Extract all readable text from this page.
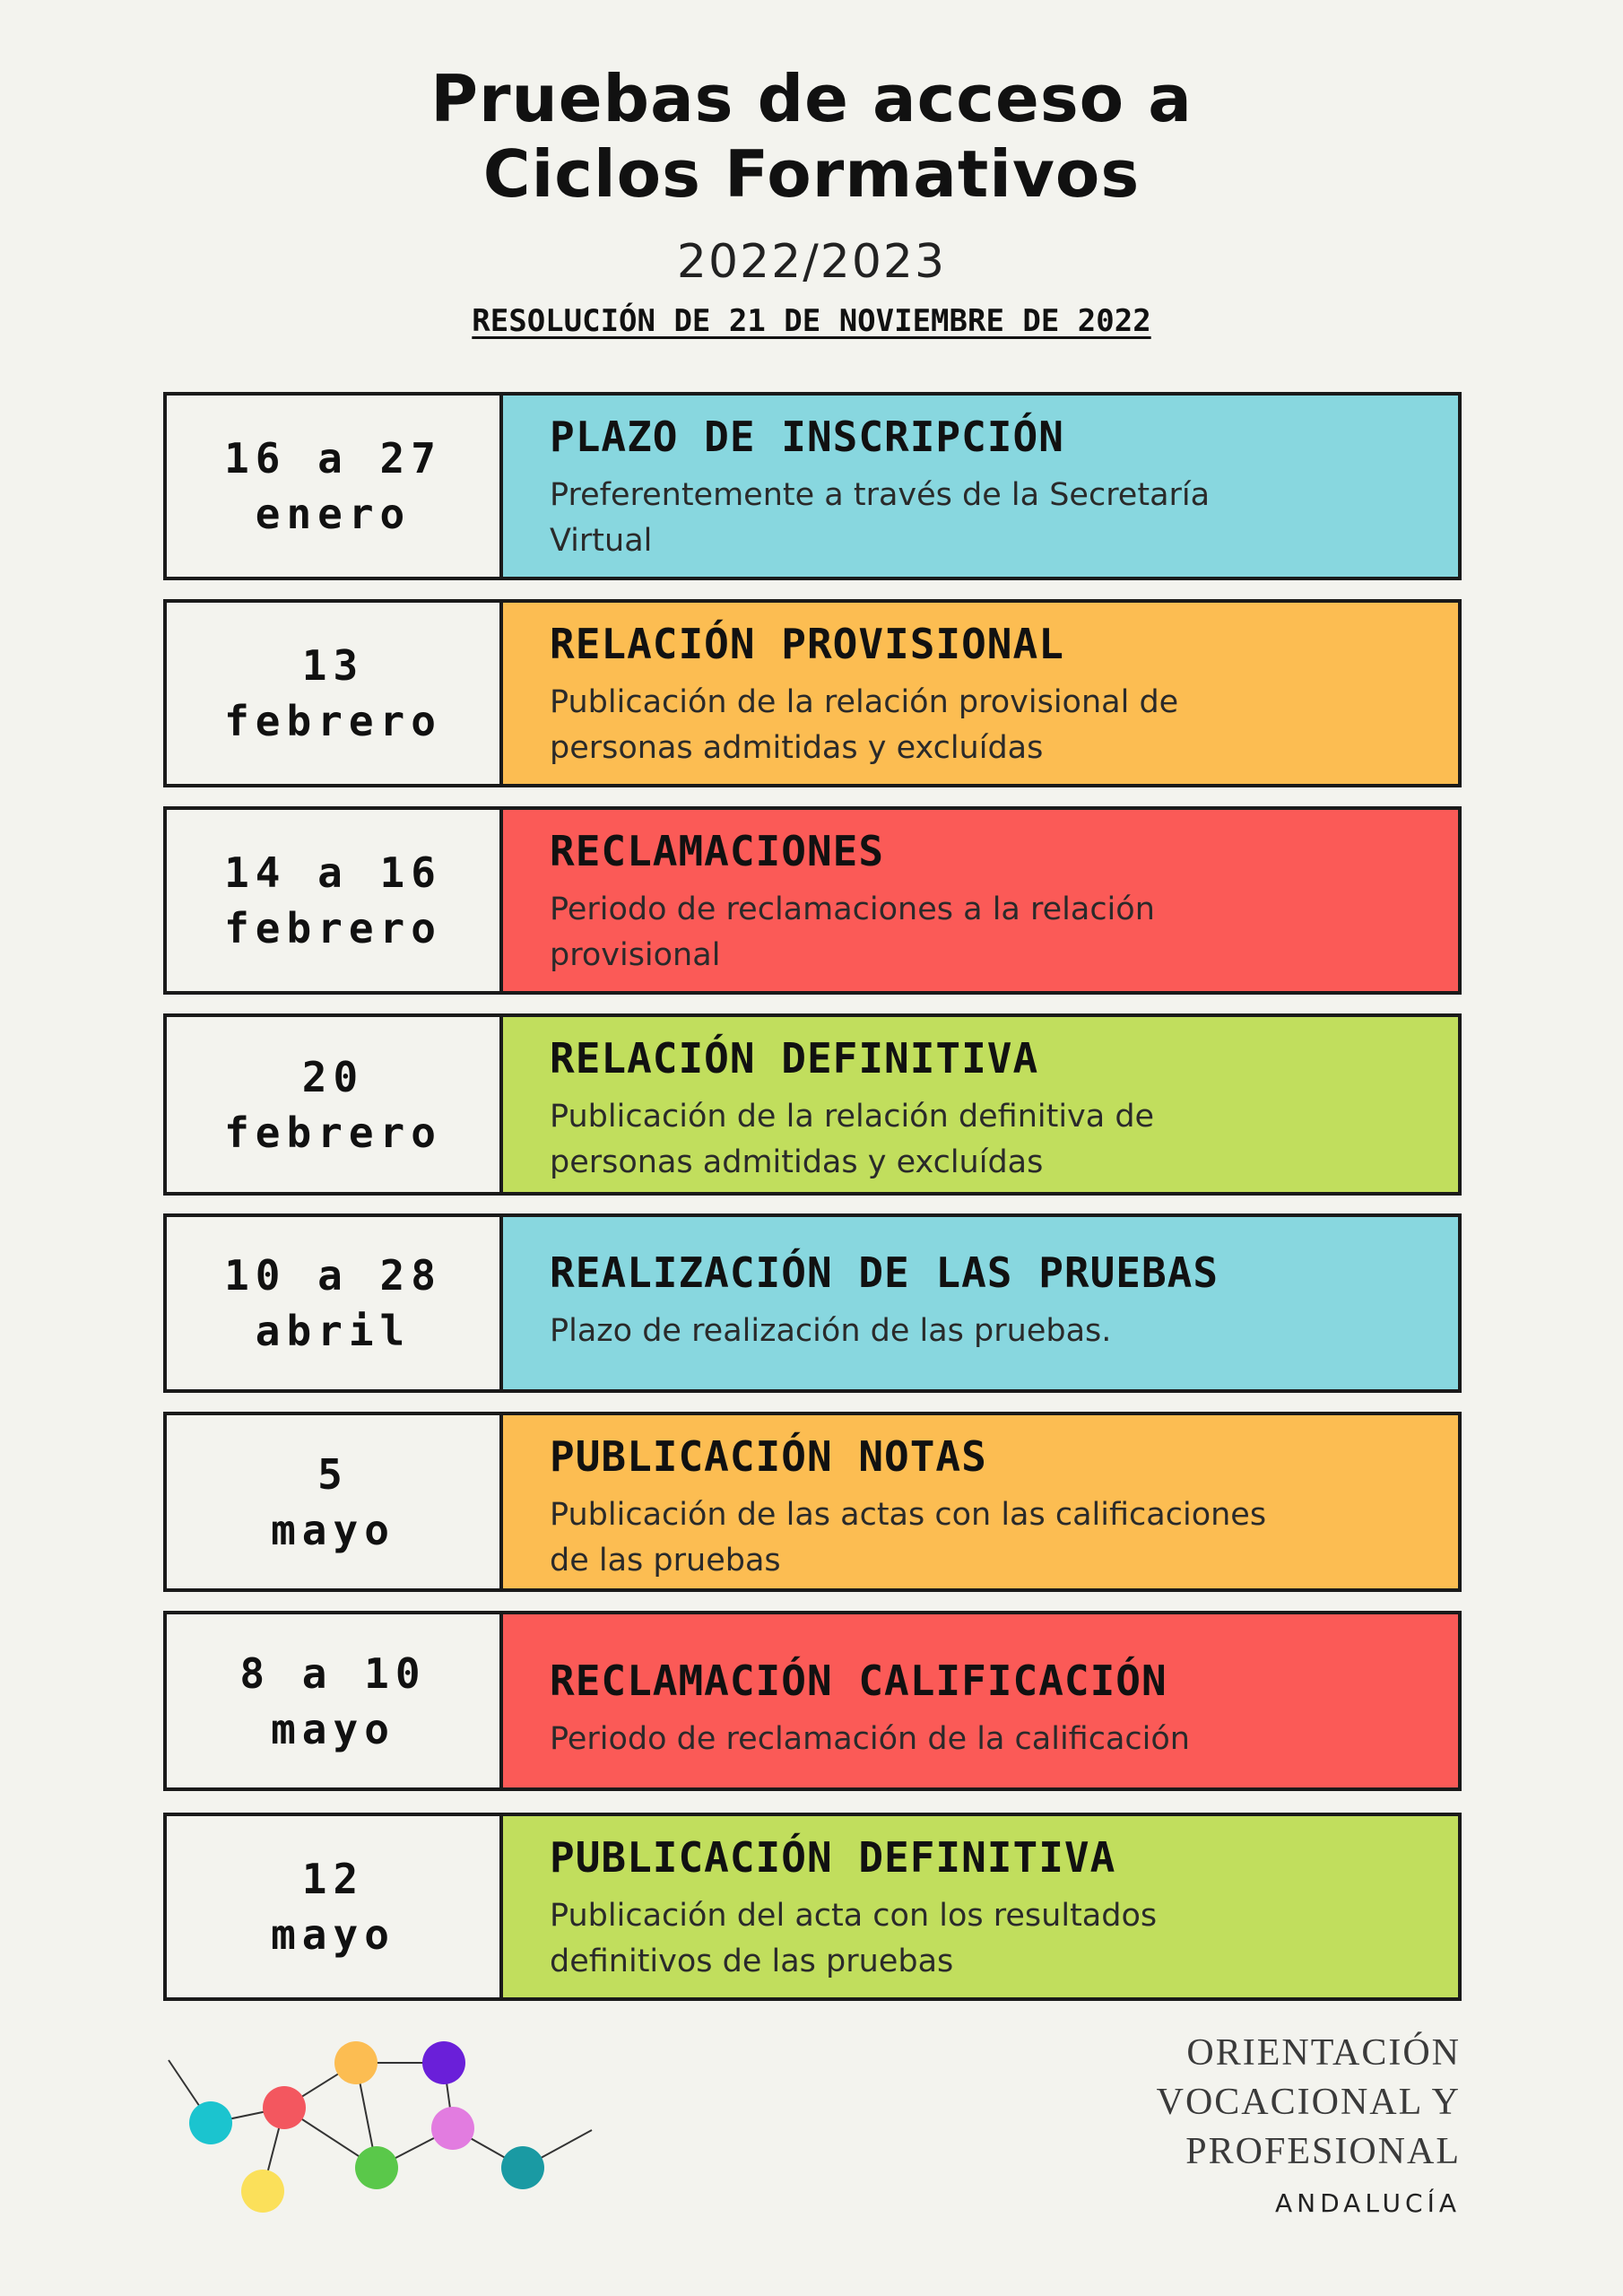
Pruebas de acceso a
Ciclos Formativos
2022/2023
RESOLUCIÓN DE 21 DE NOVIEMBRE DE 2022
16 a 27
enero
PLAZO DE INSCRIPCIÓN
Preferentemente a través de la Secretaría
Virtual
13
febrero
RELACIÓN PROVISIONAL
Publicación de la relación provisional de
personas admitidas y excluídas
14 a 16
febrero
RECLAMACIONES
Periodo de reclamaciones a la relación
provisional
20
febrero
RELACIÓN DEFINITIVA
Publicación de la relación definitiva de
personas admitidas y excluídas
10 a 28
abril
REALIZACIÓN DE LAS PRUEBAS
Plazo de realización de las pruebas.
5
mayo
PUBLICACIÓN NOTAS
Publicación de las actas con las calificaciones
de las pruebas
8 a 10
mayo
RECLAMACIÓN CALIFICACIÓN
Periodo de reclamación de la calificación
12
mayo
PUBLICACIÓN DEFINITIVA
Publicación del acta con los resultados
definitivos de las pruebas
ORIENTACIÓN
VOCACIONAL Y
PROFESIONAL
ANDALUCÍA
